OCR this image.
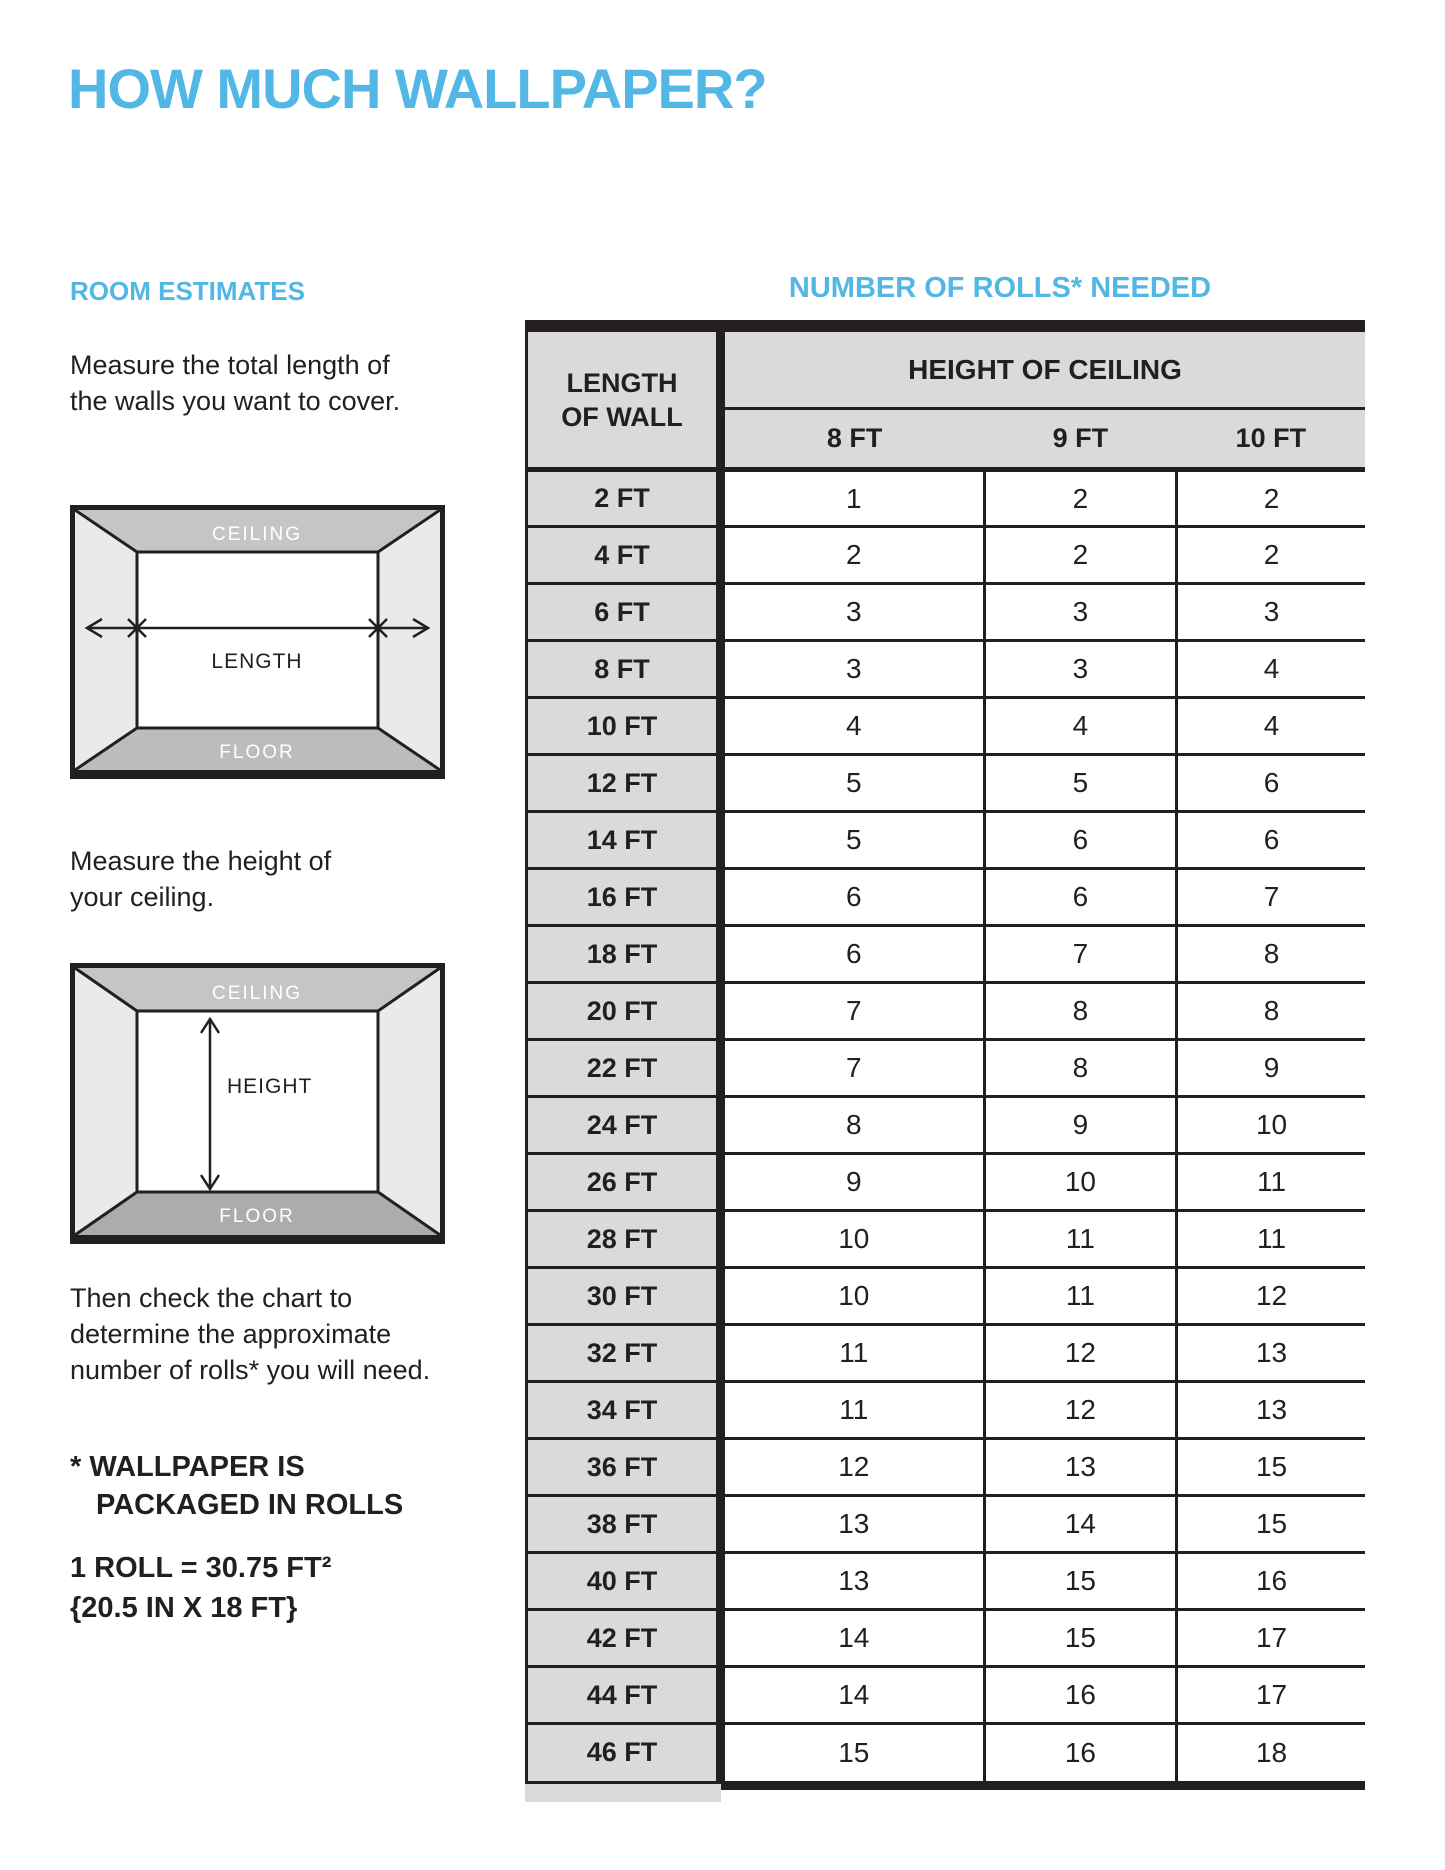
HOW MUCH WALLPAPER?
ROOM ESTIMATES
Measure the total length of
the walls you want to cover.
CEILING
LENGTH
FLOOR
Measure the height of
your ceiling.
CEILING
HEIGHT
FLOOR
Then check the chart to
determine the approximate
number of rolls* you will need.
* WALLPAPER IS
PACKAGED IN ROLLS
1 ROLL = 30.75 FT²
{20.5 IN X 18 FT}
NUMBER OF ROLLS* NEEDED
LENGTH
OF WALL	HEIGHT OF CEILING		
	8 FT	9 FT	10 FT
2 FT	1	2	2
4 FT	2	2	2
6 FT	3	3	3
8 FT	3	3	4
10 FT	4	4	4
12 FT	5	5	6
14 FT	5	6	6
16 FT	6	6	7
18 FT	6	7	8
20 FT	7	8	8
22 FT	7	8	9
24 FT	8	9	10
26 FT	9	10	11
28 FT	10	11	11
30 FT	10	11	12
32 FT	11	12	13
34 FT	11	12	13
36 FT	12	13	15
38 FT	13	14	15
40 FT	13	15	16
42 FT	14	15	17
44 FT	14	16	17
46 FT	15	16	18
